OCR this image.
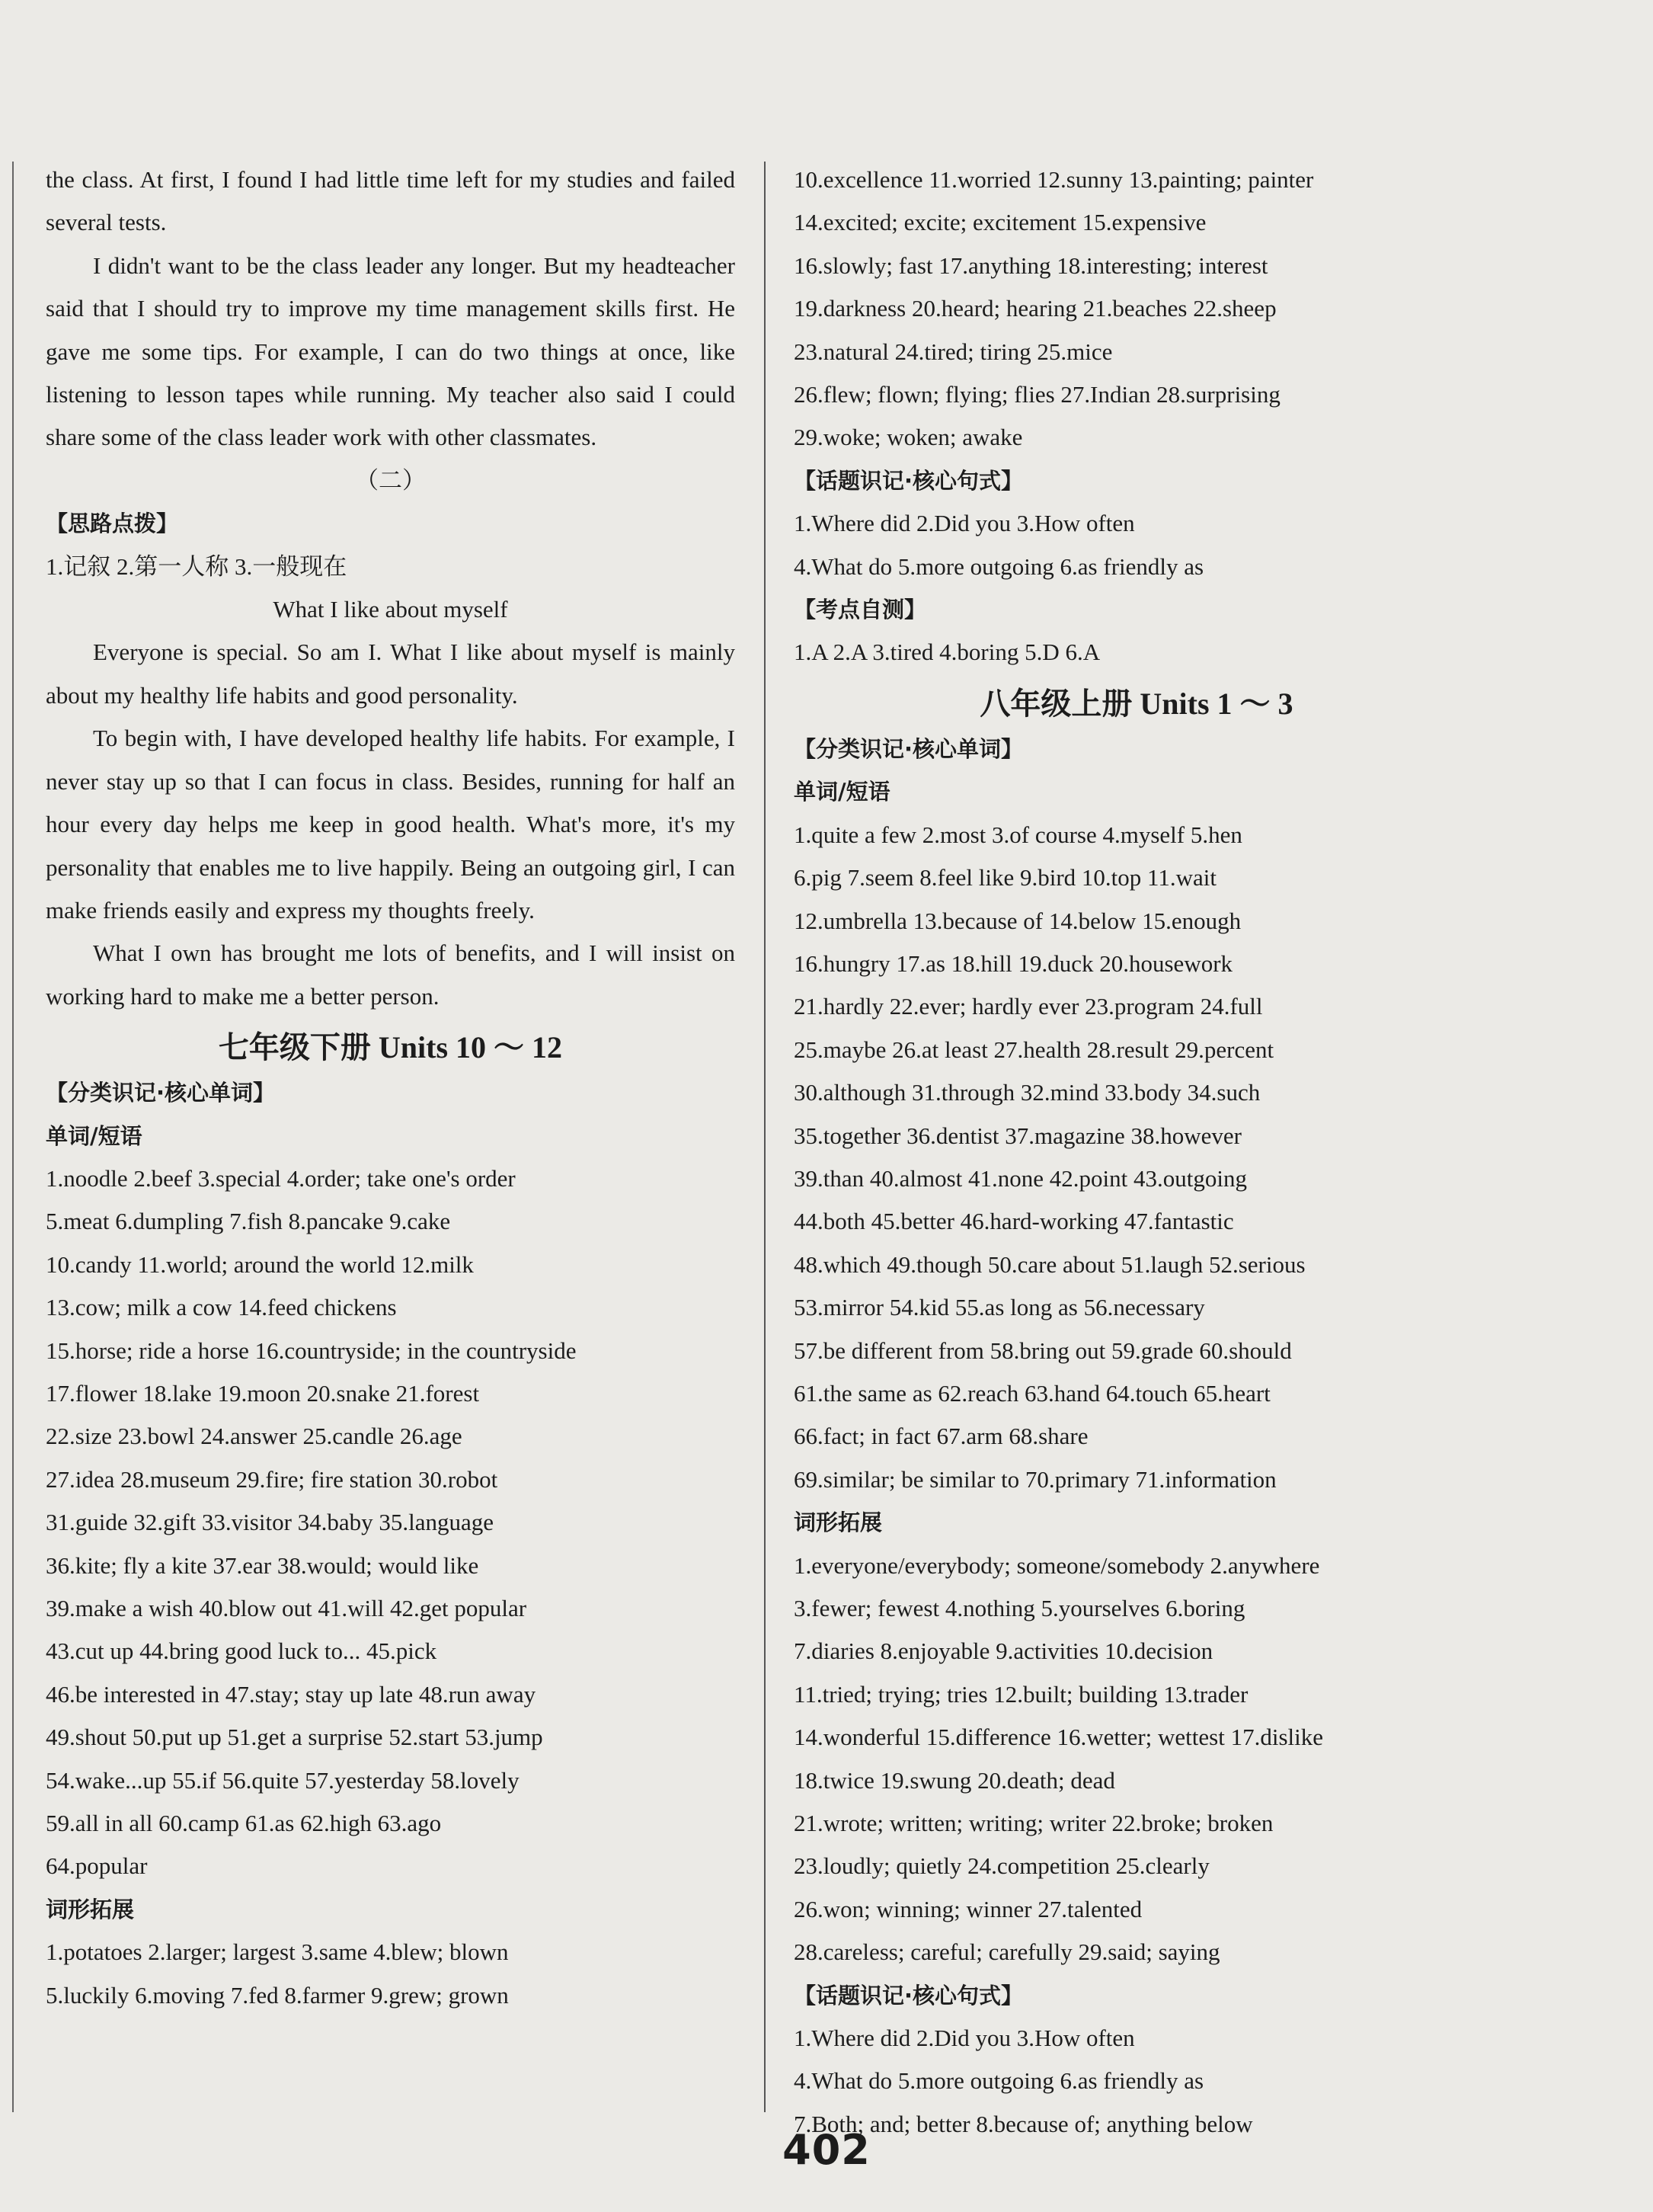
the class. At first, I found I had little time left for my studies and failed several tests.

I didn't want to be the class leader any longer. But my headteacher said that I should try to improve my time management skills first. He gave me some tips. For example, I can do two things at once, like listening to lesson tapes while running. My teacher also said I could share some of the class leader work with other classmates.

（二）

【思路点拨】

1.记叙 2.第一人称 3.一般现在

What I like about myself

Everyone is special. So am I. What I like about myself is mainly about my healthy life habits and good personality.

To begin with, I have developed healthy life habits. For example, I never stay up so that I can focus in class. Besides, running for half an hour every day helps me keep in good health. What's more, it's my personality that enables me to live happily. Being an outgoing girl, I can make friends easily and express my thoughts freely.

What I own has brought me lots of benefits, and I will insist on working hard to make me a better person.

七年级下册 Units 10 ～ 12

【分类识记·核心单词】

单词/短语

1.noodle 2.beef 3.special 4.order; take one's order

5.meat 6.dumpling 7.fish 8.pancake 9.cake

10.candy 11.world; around the world 12.milk

13.cow; milk a cow 14.feed chickens

15.horse; ride a horse 16.countryside; in the countryside

17.flower 18.lake 19.moon 20.snake 21.forest

22.size 23.bowl 24.answer 25.candle 26.age

27.idea 28.museum 29.fire; fire station 30.robot

31.guide 32.gift 33.visitor 34.baby 35.language

36.kite; fly a kite 37.ear 38.would; would like

39.make a wish 40.blow out 41.will 42.get popular

43.cut up 44.bring good luck to... 45.pick

46.be interested in 47.stay; stay up late 48.run away

49.shout 50.put up 51.get a surprise 52.start 53.jump

54.wake...up 55.if 56.quite 57.yesterday 58.lovely

59.all in all 60.camp 61.as 62.high 63.ago

64.popular

词形拓展

1.potatoes 2.larger; largest 3.same 4.blew; blown

5.luckily 6.moving 7.fed 8.farmer 9.grew; grown

10.excellence 11.worried 12.sunny 13.painting; painter

14.excited; excite; excitement 15.expensive

16.slowly; fast 17.anything 18.interesting; interest

19.darkness 20.heard; hearing 21.beaches 22.sheep

23.natural 24.tired; tiring 25.mice

26.flew; flown; flying; flies 27.Indian 28.surprising

29.woke; woken; awake

【话题识记·核心句式】

1.Where did 2.Did you 3.How often

4.What do 5.more outgoing 6.as friendly as

【考点自测】

1.A 2.A 3.tired 4.boring 5.D 6.A

八年级上册 Units 1 ～ 3

【分类识记·核心单词】

单词/短语

1.quite a few 2.most 3.of course 4.myself 5.hen

6.pig 7.seem 8.feel like 9.bird 10.top 11.wait

12.umbrella 13.because of 14.below 15.enough

16.hungry 17.as 18.hill 19.duck 20.housework

21.hardly 22.ever; hardly ever 23.program 24.full

25.maybe 26.at least 27.health 28.result 29.percent

30.although 31.through 32.mind 33.body 34.such

35.together 36.dentist 37.magazine 38.however

39.than 40.almost 41.none 42.point 43.outgoing

44.both 45.better 46.hard-working 47.fantastic

48.which 49.though 50.care about 51.laugh 52.serious

53.mirror 54.kid 55.as long as 56.necessary

57.be different from 58.bring out 59.grade 60.should

61.the same as 62.reach 63.hand 64.touch 65.heart

66.fact; in fact 67.arm 68.share

69.similar; be similar to 70.primary 71.information

词形拓展

1.everyone/everybody; someone/somebody 2.anywhere

3.fewer; fewest 4.nothing 5.yourselves 6.boring

7.diaries 8.enjoyable 9.activities 10.decision

11.tried; trying; tries 12.built; building 13.trader

14.wonderful 15.difference 16.wetter; wettest 17.dislike

18.twice 19.swung 20.death; dead

21.wrote; written; writing; writer 22.broke; broken

23.loudly; quietly 24.competition 25.clearly

26.won; winning; winner 27.talented

28.careless; careful; carefully 29.said; saying

【话题识记·核心句式】

1.Where did 2.Did you 3.How often

4.What do 5.more outgoing 6.as friendly as

7.Both; and; better 8.because of; anything below

402
